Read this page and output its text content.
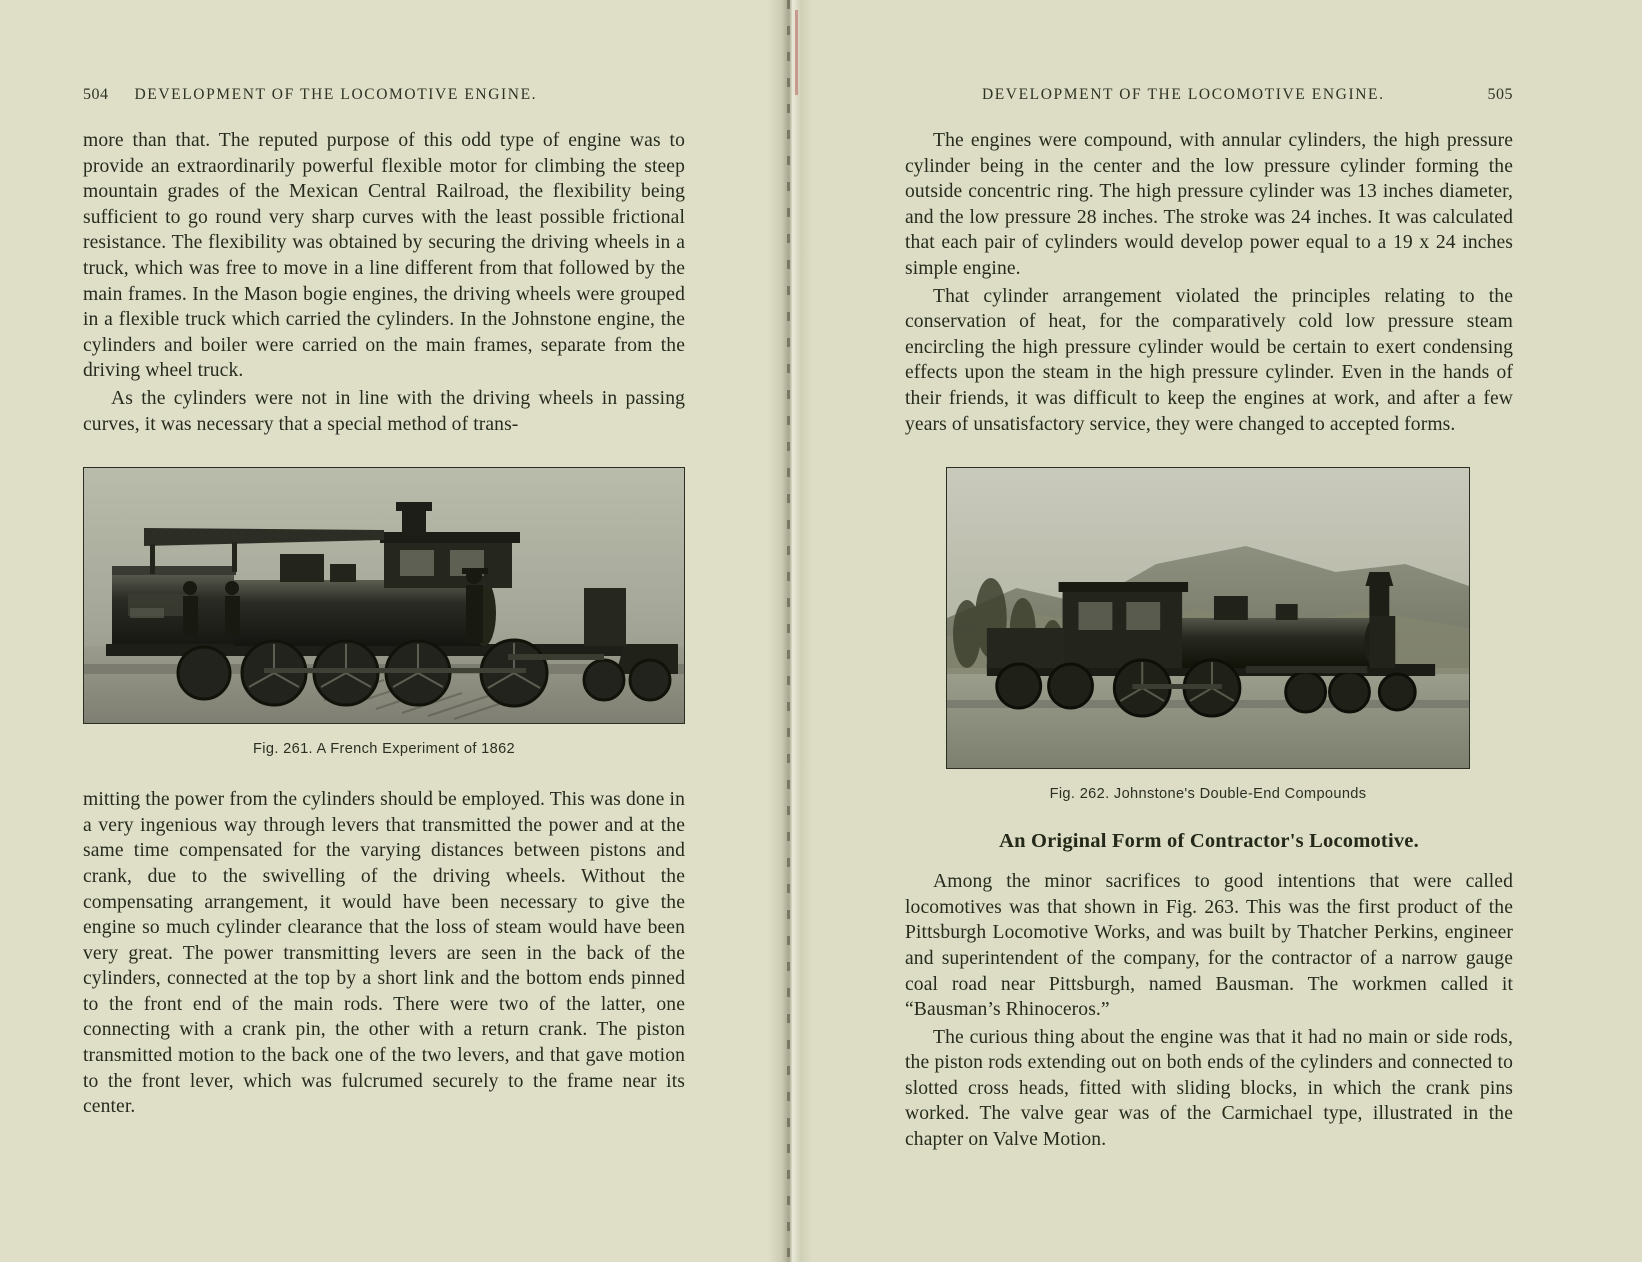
504 DEVELOPMENT OF THE LOCOMOTIVE ENGINE.

more than that. The reputed purpose of this odd type of engine was to provide an extraordinarily powerful flexible motor for climbing the steep mountain grades of the Mexican Central Railroad, the flexibility being sufficient to go round very sharp curves with the least possible frictional resistance. The flexibility was obtained by securing the driving wheels in a truck, which was free to move in a line different from that followed by the main frames. In the Mason bogie engines, the driving wheels were grouped in a flexible truck which carried the cylinders. In the Johnstone engine, the cylinders and boiler were carried on the main frames, separate from the driving wheel truck.

As the cylinders were not in line with the driving wheels in passing curves, it was necessary that a special method of trans-

Fig. 261. A French Experiment of 1862

mitting the power from the cylinders should be employed. This was done in a very ingenious way through levers that transmitted the power and at the same time compensated for the varying distances between pistons and crank, due to the swivelling of the driving wheels. Without the compensating arrangement, it would have been necessary to give the engine so much cylinder clearance that the loss of steam would have been very great. The power transmitting levers are seen in the back of the cylinders, connected at the top by a short link and the bottom ends pinned to the front end of the main rods. There were two of the latter, one connecting with a crank pin, the other with a return crank. The piston transmitted motion to the back one of the two levers, and that gave motion to the front lever, which was fulcrumed securely to the frame near its center.

DEVELOPMENT OF THE LOCOMOTIVE ENGINE.	505

The engines were compound, with annular cylinders, the high pressure cylinder being in the center and the low pressure cylinder forming the outside concentric ring. The high pressure cylinder was 13 inches diameter, and the low pressure 28 inches. The stroke was 24 inches. It was calculated that each pair of cylinders would develop power equal to a 19 x 24 inches simple engine.

That cylinder arrangement violated the principles relating to the conservation of heat, for the comparatively cold low pressure steam encircling the high pressure cylinder would be certain to exert condensing effects upon the steam in the high pressure cylinder. Even in the hands of their friends, it was difficult to keep the engines at work, and after a few years of unsatisfactory service, they were changed to accepted forms.

Fig. 262. Johnstone's Double-End Compounds
An Original Form of Contractor's Locomotive.

Among the minor sacrifices to good intentions that were called locomotives was that shown in Fig. 263. This was the first product of the Pittsburgh Locomotive Works, and was built by Thatcher Perkins, engineer and superintendent of the company, for the contractor of a narrow gauge coal road near Pittsburgh, named Bausman. The workmen called it “Bausman’s Rhinoceros.”

The curious thing about the engine was that it had no main or side rods, the piston rods extending out on both ends of the cylinders and connected to slotted cross heads, fitted with sliding blocks, in which the crank pins worked. The valve gear was of the Carmichael type, illustrated in the chapter on Valve Motion.
